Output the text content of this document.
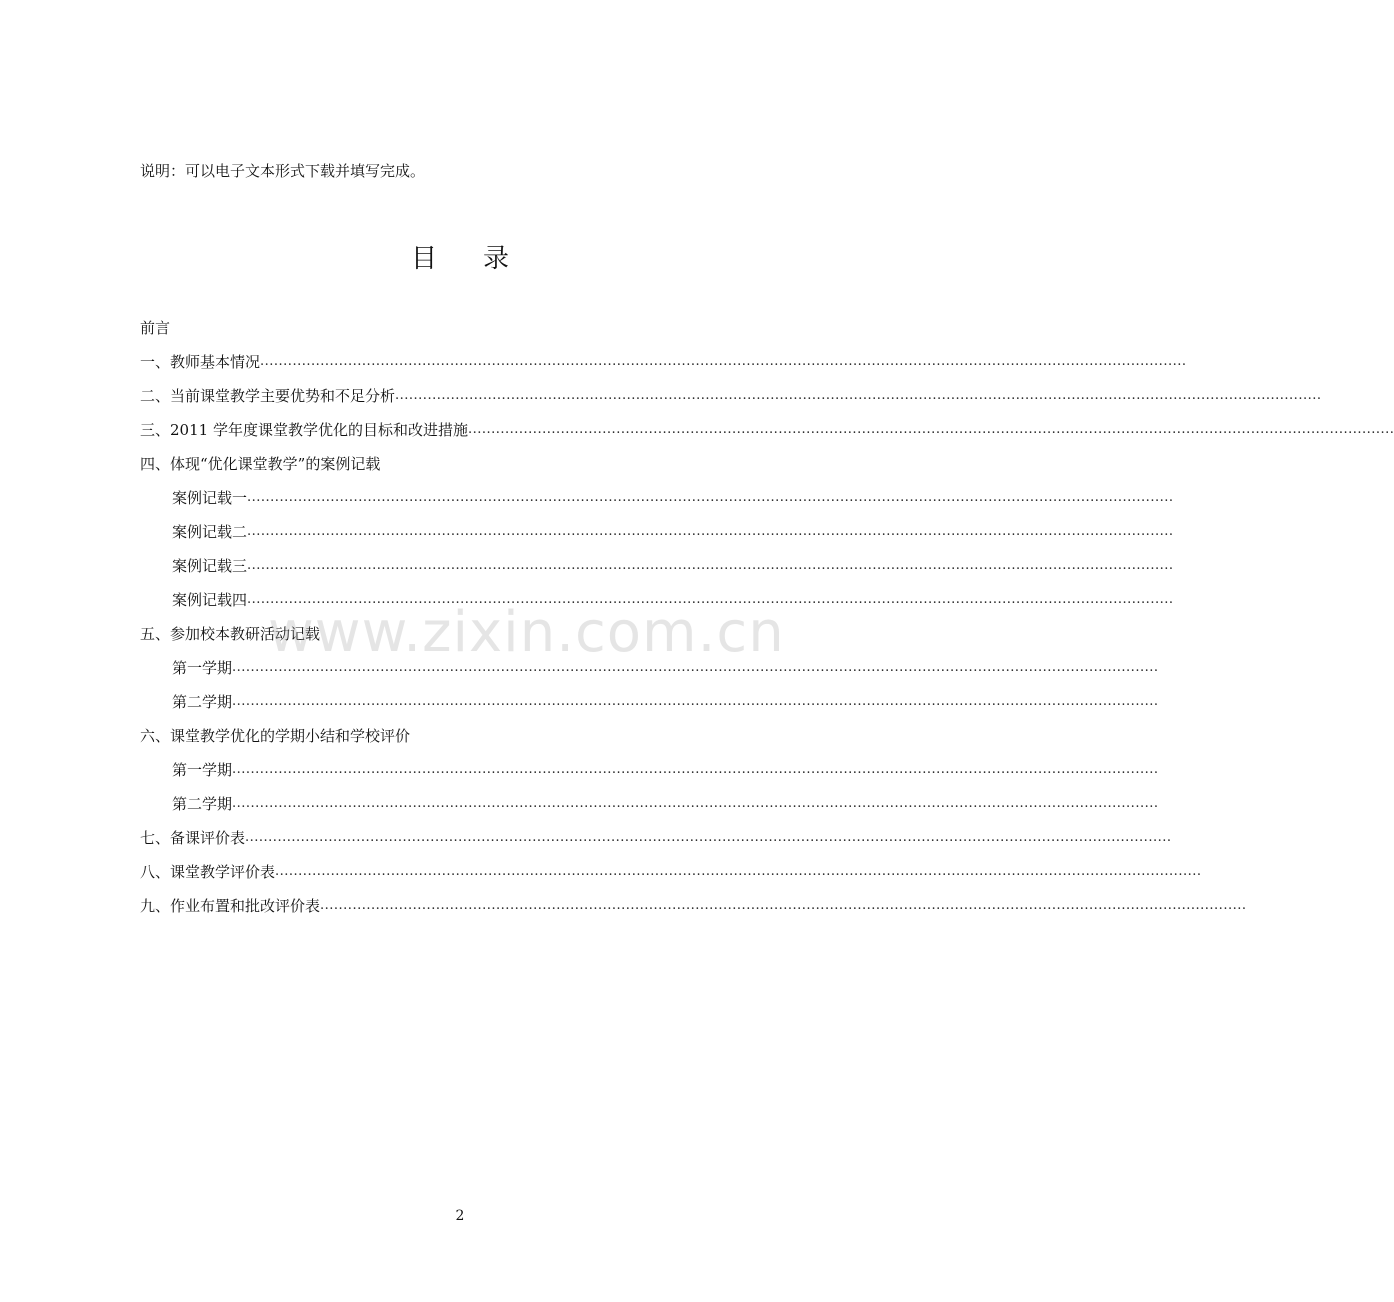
说明：可以电子文本形式下载并填写完成。
目录
前言
一、教师基本情况 ........................................................................................................................................................................................................
二、当前课堂教学主要优势和不足分析 ........................................................................................................................................................................................................
三、2011 学年度课堂教学优化的目标和改进措施 ........................................................................................................................................................................................................
四、体现“优化课堂教学”的案例记载
案例记载一 ........................................................................................................................................................................................................
案例记载二 ........................................................................................................................................................................................................
案例记载三 ........................................................................................................................................................................................................
案例记载四 ........................................................................................................................................................................................................
五、参加校本教研活动记载
第一学期 ........................................................................................................................................................................................................
第二学期 ........................................................................................................................................................................................................
六、课堂教学优化的学期小结和学校评价
第一学期 ........................................................................................................................................................................................................
第二学期 ........................................................................................................................................................................................................
七、备课评价表 ........................................................................................................................................................................................................
八、课堂教学评价表 ........................................................................................................................................................................................................
九、作业布置和批改评价表 ........................................................................................................................................................................................................
www.zixin.com.cn
2
